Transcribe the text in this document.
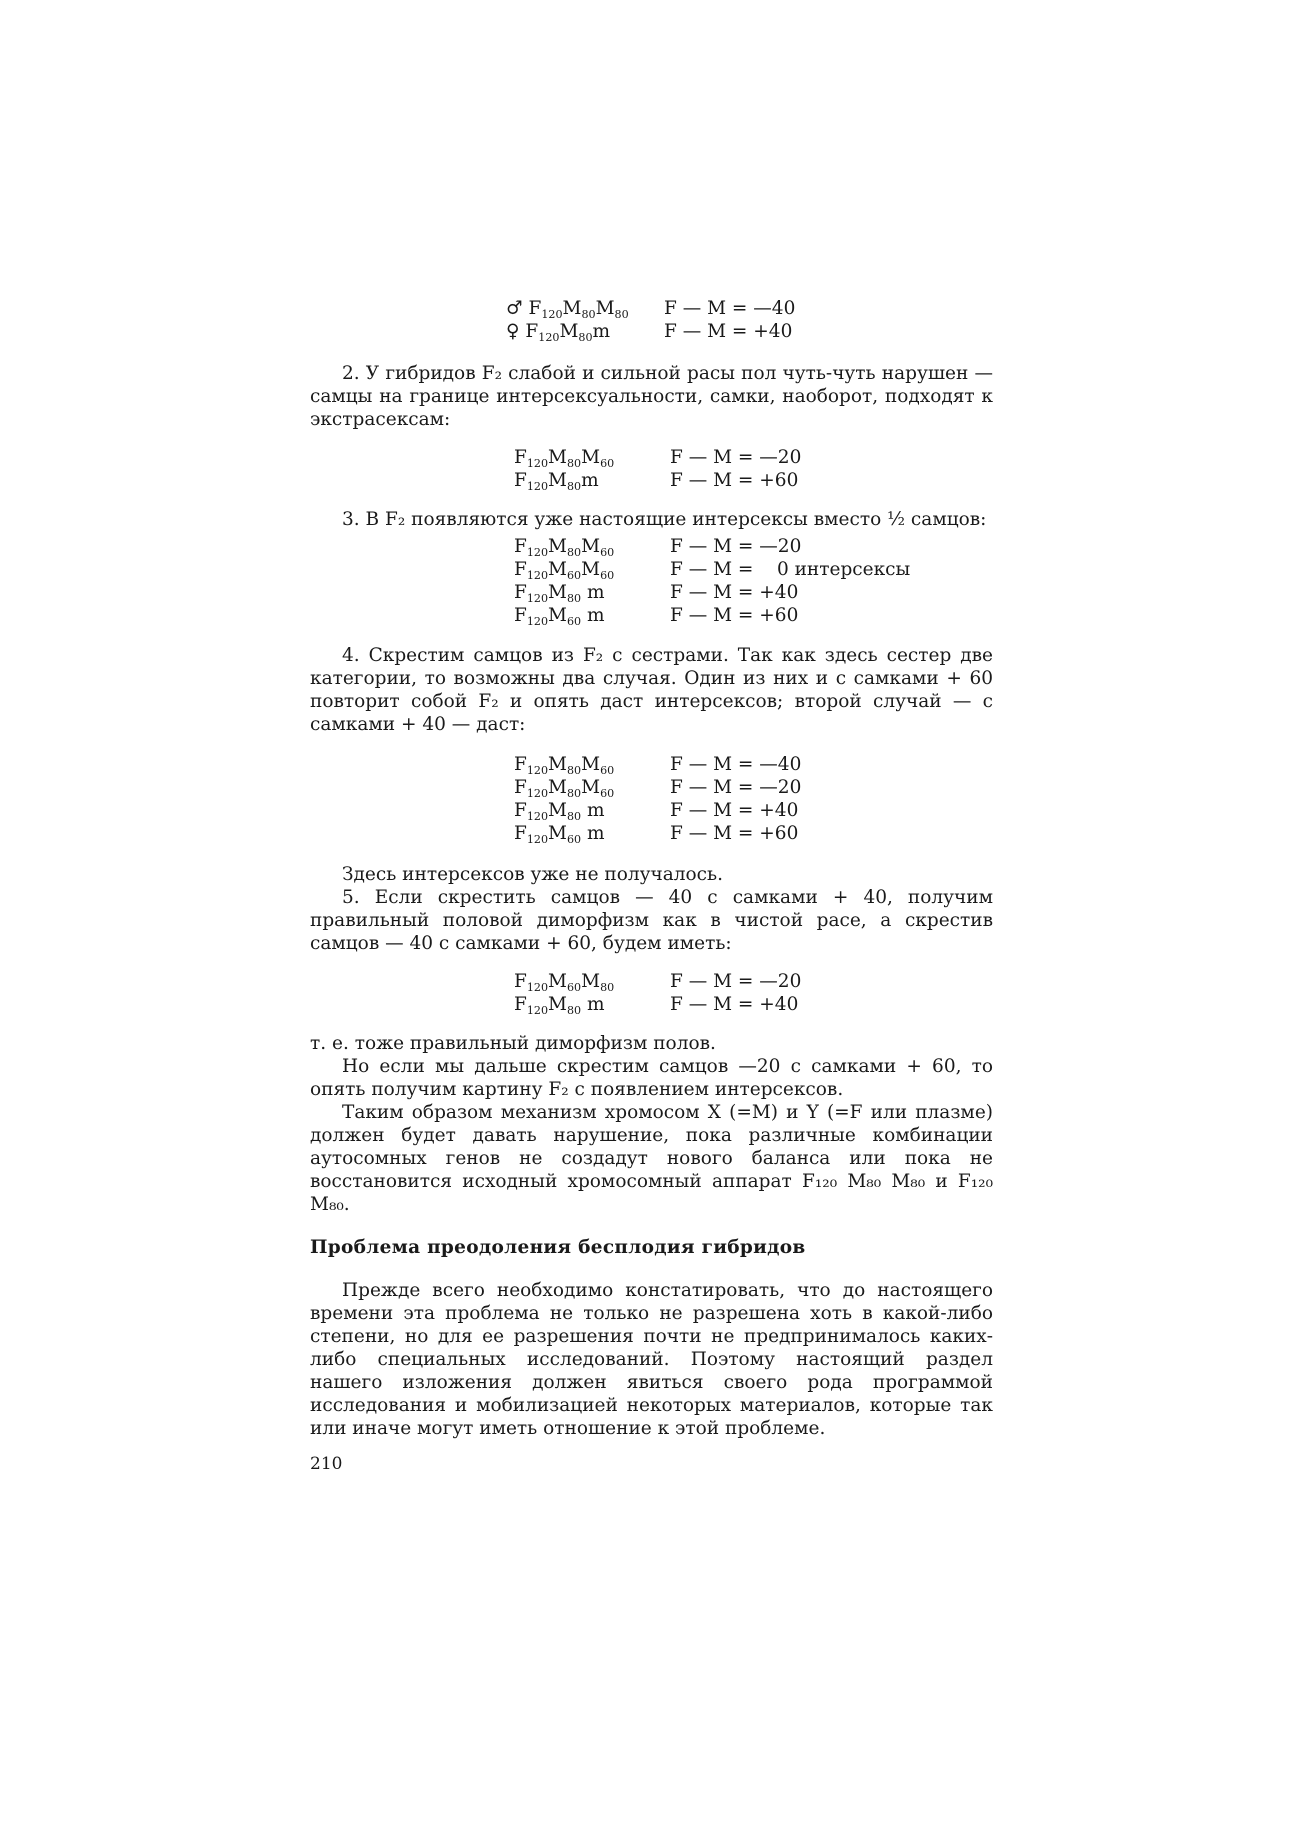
♂ $F_{120}M_{80}M_{80}$	F — M = —40
♀ $F_{120}M_{80}m$	F — M = +40

2. У гибридов F₂ слабой и сильной расы пол чуть-чуть нарушен — самцы на границе интерсексуальности, самки, наоборот, подходят к экстрасексам:

$F_{120}M_{80}M_{60}$	F — M = —20
$F_{120}M_{80}m$	F — M = +60

3. В F₂ появляются уже настоящие интерсексы вместо ½ самцов:

$F_{120}M_{80}M_{60}$	F — M = —20
$F_{120}M_{60}M_{60}$	F — M =    0 интерсексы
$F_{120}M_{80}$ m	F — M = +40
$F_{120}M_{60}$ m	F — M = +60

4. Скрестим самцов из F₂ с сестрами. Так как здесь сестер две категории, то возможны два случая. Один из них и с самками + 60 повторит собой F₂ и опять даст интерсексов; второй случай — с самками + 40 — даст:

$F_{120}M_{80}M_{60}$	F — M = —40
$F_{120}M_{80}M_{60}$	F — M = —20
$F_{120}M_{80}$ m	F — M = +40
$F_{120}M_{60}$ m	F — M = +60

Здесь интерсексов уже не получалось.

5. Если скрестить самцов — 40 с самками + 40, получим правильный половой диморфизм как в чистой расе, а скрестив самцов — 40 с самками + 60, будем иметь:

$F_{120}M_{60}M_{80}$	F — M = —20
$F_{120}M_{80}$ m	F — M = +40

т. е. тоже правильный диморфизм полов.

Но если мы дальше скрестим самцов —20 с самками + 60, то опять получим картину F₂ с появлением интерсексов.

Таким образом механизм хромосом X (=M) и Y (=F или плазме) должен будет давать нарушение, пока различные комбинации аутосомных генов не создадут нового баланса или пока не восстановится исходный хромосомный аппарат F₁₂₀ M₈₀ M₈₀ и F₁₂₀ M₈₀.

Проблема преодоления бесплодия гибридов

Прежде всего необходимо констатировать, что до настоящего времени эта проблема не только не разрешена хоть в какой-либо степени, но для ее разрешения почти не предпринималось каких-либо специальных исследований. Поэтому настоящий раздел нашего изложения должен явиться своего рода программой исследования и мобилизацией некоторых материалов, которые так или иначе могут иметь отношение к этой проблеме.

210
